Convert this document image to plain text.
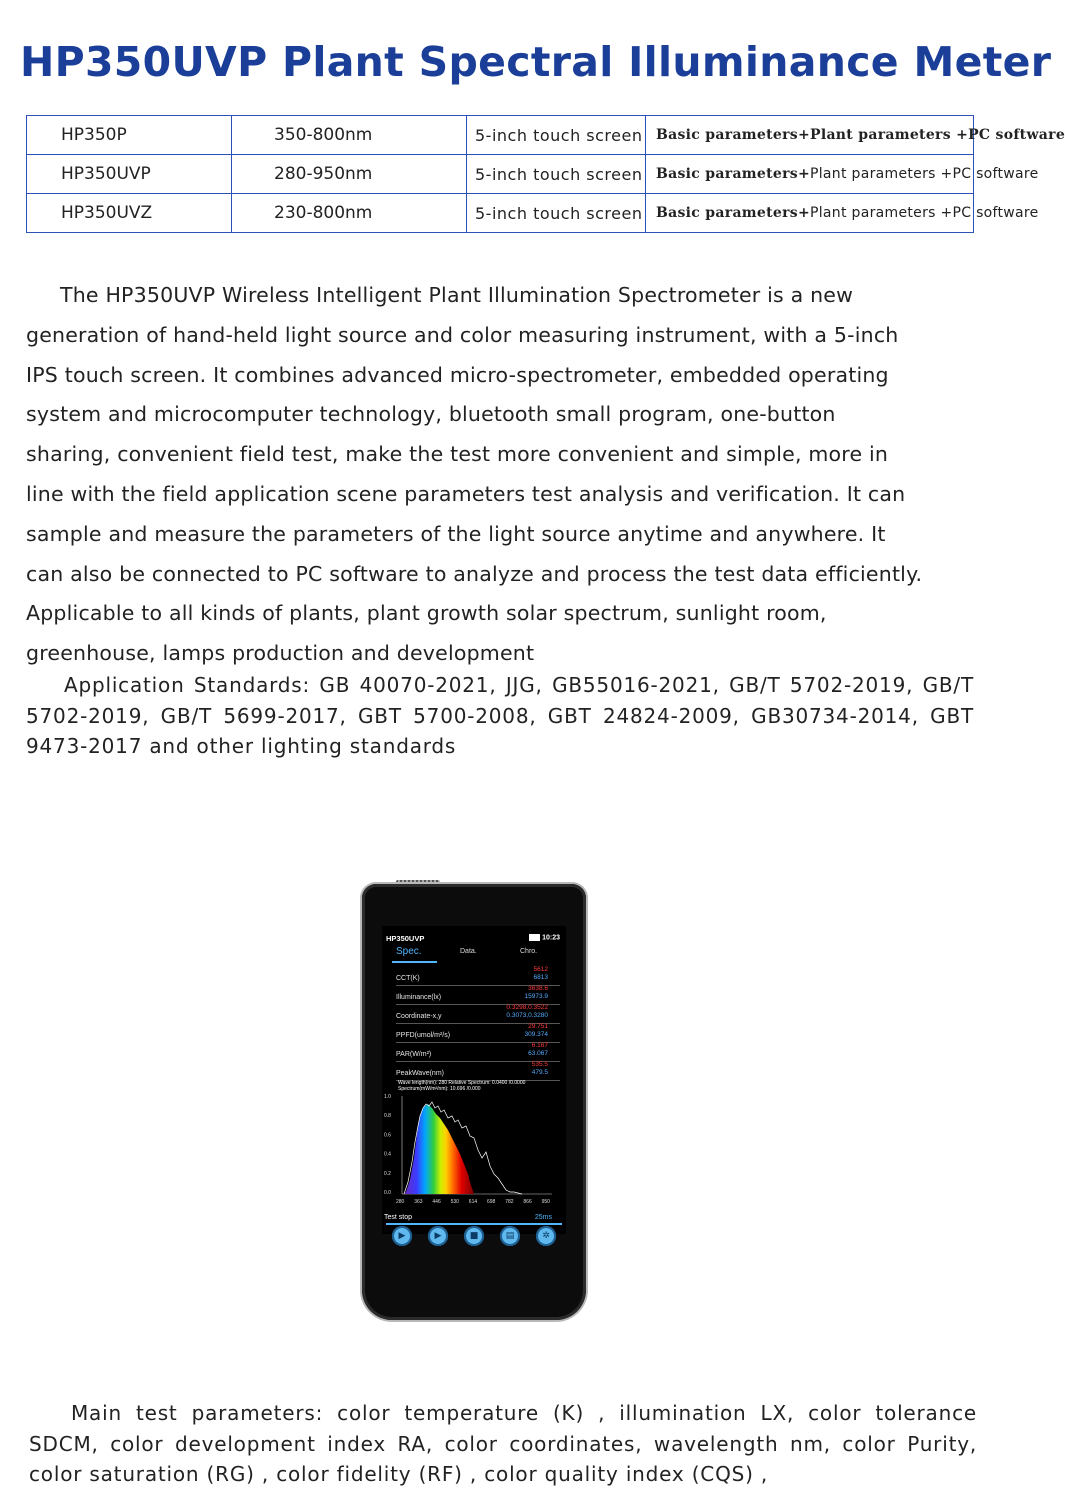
HP350UVP Plant Spectral Illuminance Meter
HP350P	350-800nm	5-inch touch screen	Basic parameters+Plant parameters +PC software
HP350UVP	280-950nm	5-inch touch screen	Basic parameters+Plant parameters +PC software
HP350UVZ	230-800nm	5-inch touch screen	Basic parameters+Plant parameters +PC software
The HP350UVP Wireless Intelligent Plant Illumination Spectrometer is a new
generation of hand-held light source and color measuring instrument, with a 5-inch
IPS touch screen. It combines advanced micro-spectrometer, embedded operating
system and microcomputer technology, bluetooth small program, one-button
sharing, convenient field test, make the test more convenient and simple, more in
line with the field application scene parameters test analysis and verification. It can
sample and measure the parameters of the light source anytime and anywhere. It
can also be connected to PC software to analyze and process the test data efficiently.
Applicable to all kinds of plants, plant growth solar spectrum, sunlight room,
greenhouse, lamps production and development

Application Standards: GB 40070-2021, JJG, GB55016-2021, GB/T 5702-2019, GB/T 5702-2019, GB/T 5699-2017, GBT 5700-2008, GBT 24824-2009, GB30734-2014, GBT 9473-2017 and other lighting standards

HP350UVP	10:23
Spec.	Data.	Chro.
CCT(K)
5612
6813
Illuminance(lx)
3638.6
15973.9
Coordinate-x,y
0.3298,0.3522
0.3073,0.3280
PPFD(umol/m²/s)
29.751
309.374
PAR(W/m²)
6.167
63.067
PeakWave(nm)
535.5
479.5
Wave length(nm): 280 Relative Spectrum: 0.0400 /0.0000
Spectrum(mW/m²/nm): 10.696 /0.000
1.0
0.8
0.6
0.4
0.2
0.0
280 363 446 530 614 698 782 866 950
Test stop	25ms
▶	▶	■	▤	✲

Main test parameters: color temperature (K) , illumination LX, color tolerance SDCM, color development index RA, color coordinates, wavelength nm, color Purity, color saturation (RG) , color fidelity (RF) , color quality index (CQS) ,
